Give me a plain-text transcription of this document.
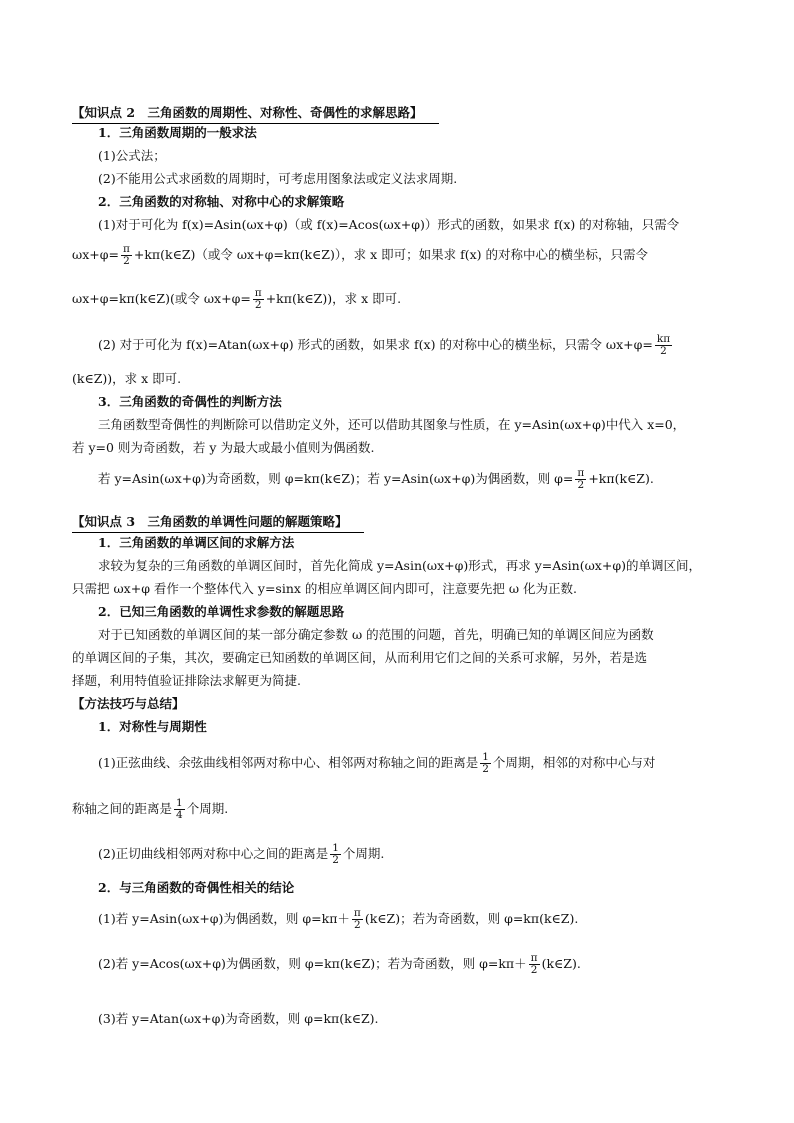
【知识点 2　三角函数的周期性、对称性、奇偶性的求解思路】
1．三角函数周期的一般求法
(1)公式法；
(2)不能用公式求函数的周期时，可考虑用图象法或定义法求周期.
2．三角函数的对称轴、对称中心的求解策略
(1)对于可化为 f(x)=Asin(ωx+φ)（或 f(x)=Acos(ωx+φ)）形式的函数，如果求 f(x) 的对称轴，只需令
$\omega x+\varphi= \frac{\pi}{2}$ +kπ(k∈Z)（或令 ωx+φ=kπ(k∈Z)），求 x 即可；如果求 f(x) 的对称中心的横坐标，只需令
ωx+φ=kπ(k∈Z)(或令 $\omega x+\varphi= \frac{\pi}{2}$ +kπ(k∈Z))，求 x 即可.
(2) 对于可化为 f(x)=Atan(ωx+φ) 形式的函数，如果求 f(x) 的对称中心的横坐标，只需令 $\omega x+\varphi= \frac{k\pi}{2}$
(k∈Z))，求 x 即可.
3．三角函数的奇偶性的判断方法
三角函数型奇偶性的判断除可以借助定义外，还可以借助其图象与性质，在 y=Asin(ωx+φ)中代入 x=0，
若 y=0 则为奇函数，若 y 为最大或最小值则为偶函数.
若 y=Asin(ωx+φ)为奇函数，则 φ=kπ(k∈Z)；若 y=Asin(ωx+φ)为偶函数，则 $\varphi= \frac{\pi}{2}$ +kπ(k∈Z).
【知识点 3　三角函数的单调性问题的解题策略】
1．三角函数的单调区间的求解方法
求较为复杂的三角函数的单调区间时，首先化简成 y=Asin(ωx+φ)形式，再求 y=Asin(ωx+φ)的单调区间，
只需把 ωx+φ 看作一个整体代入 y=sinx 的相应单调区间内即可，注意要先把 ω 化为正数.
2．已知三角函数的单调性求参数的解题思路
对于已知函数的单调区间的某一部分确定参数 ω 的范围的问题，首先，明确已知的单调区间应为函数
的单调区间的子集，其次，要确定已知函数的单调区间，从而利用它们之间的关系可求解，另外，若是选
择题，利用特值验证排除法求解更为简捷.
【方法技巧与总结】
1．对称性与周期性
(1)正弦曲线、余弦曲线相邻两对称中心、相邻两对称轴之间的距离是 $\frac{1}{2}$ 个周期，相邻的对称中心与对
称轴之间的距离是 $\frac{1}{4}$ 个周期.
(2)正切曲线相邻两对称中心之间的距离是 $\frac{1}{2}$ 个周期.
2．与三角函数的奇偶性相关的结论
(1)若 y=Asin(ωx+φ)为偶函数，则 $\varphi=k\pi+ \frac{\pi}{2}$ (k∈Z)；若为奇函数，则 φ=kπ(k∈Z).
(2)若 y=Acos(ωx+φ)为偶函数，则 φ=kπ(k∈Z)；若为奇函数，则 $\varphi=k\pi+ \frac{\pi}{2}$ (k∈Z).
(3)若 y=Atan(ωx+φ)为奇函数，则 φ=kπ(k∈Z).
